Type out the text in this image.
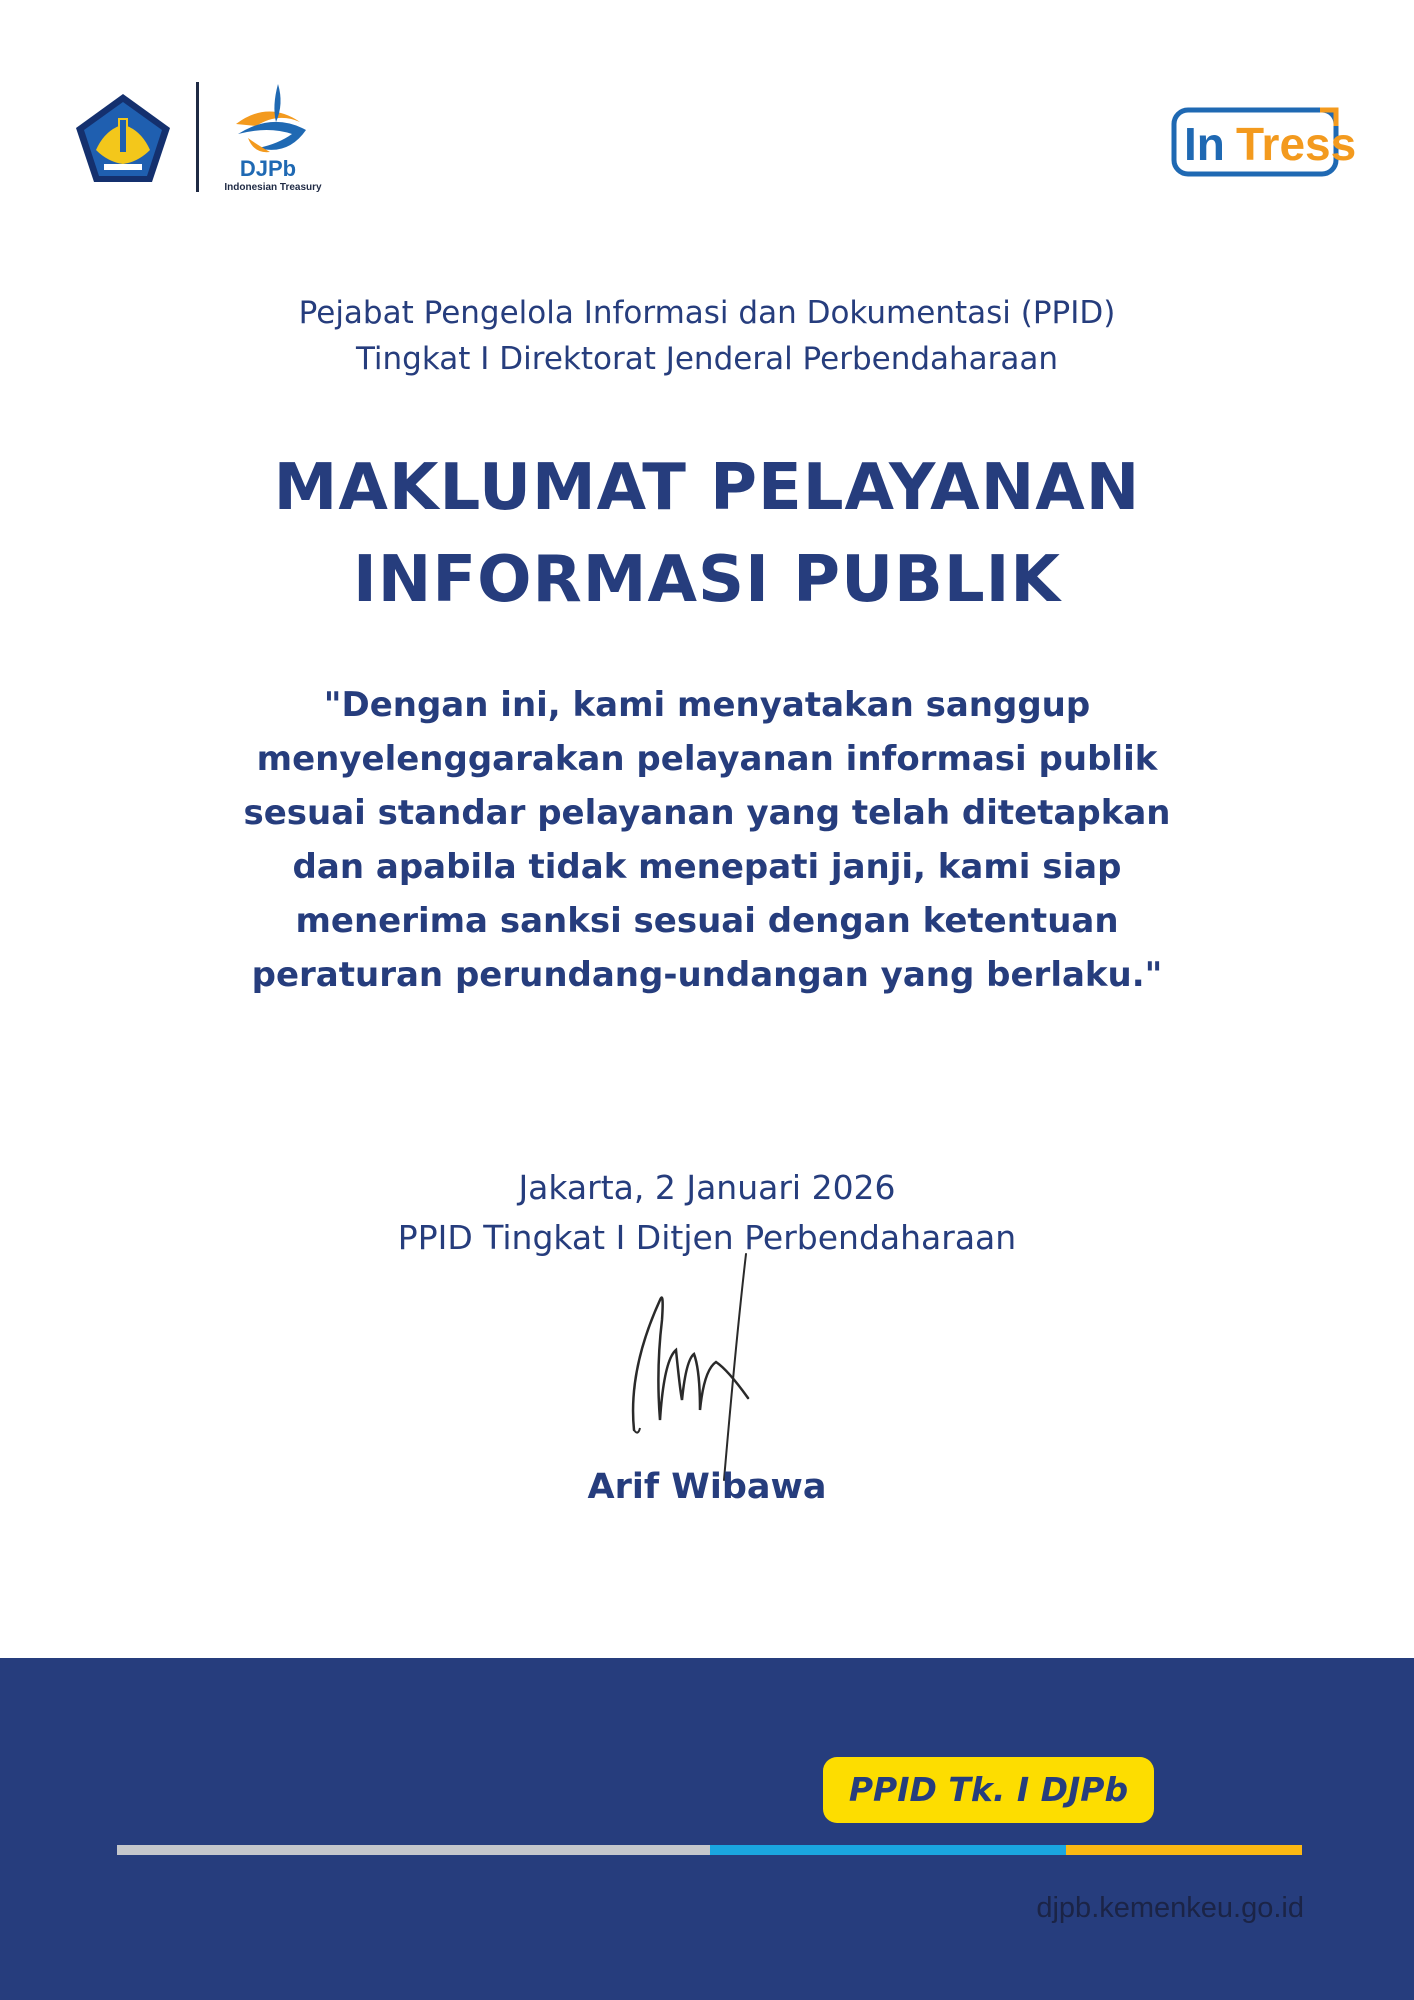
DJPb
Indonesian Treasury
In Tress
Pejabat Pengelola Informasi dan Dokumentasi (PPID)
Tingkat I Direktorat Jenderal Perbendaharaan
MAKLUMAT PELAYANAN
INFORMASI PUBLIK
"Dengan ini, kami menyatakan sanggup menyelenggarakan pelayanan informasi publik sesuai standar pelayanan yang telah ditetapkan dan apabila tidak menepati janji, kami siap menerima sanksi sesuai dengan ketentuan peraturan perundang-undangan yang berlaku."
Jakarta, 2 Januari 2026
PPID Tingkat I Ditjen Perbendaharaan
Arif Wibawa
PPID Tk. I DJPb
djpb.kemenkeu.go.id
